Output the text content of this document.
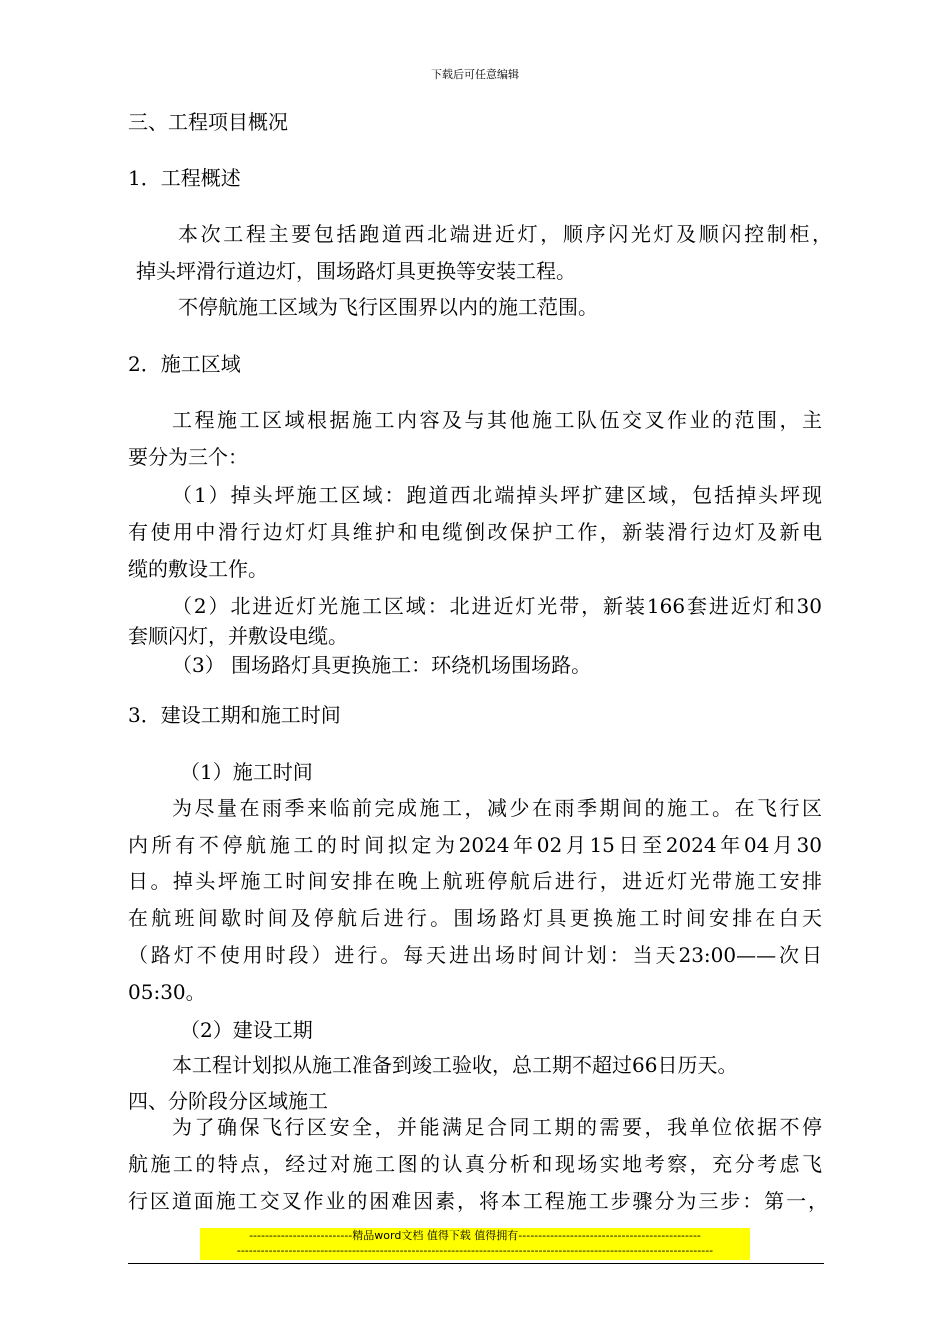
下载后可任意编辑
三、工程项目概况
1．工程概述
本次工程主要包括跑道西北端进近灯，顺序闪光灯及顺闪控制柜，
掉头坪滑行道边灯，围场路灯具更换等安装工程。
不停航施工区域为飞行区围界以内的施工范围。
2．施工区域
工程施工区域根据施工内容及与其他施工队伍交叉作业的范围，主
要分为三个：
（1）掉头坪施工区域：跑道西北端掉头坪扩建区域，包括掉头坪现
有使用中滑行边灯灯具维护和电缆倒改保护工作，新装滑行边灯及新电
缆的敷设工作。
（2）北进近灯光施工区域：北进近灯光带，新装166套进近灯和30
套顺闪灯，并敷设电缆。
（3） 围场路灯具更换施工：环绕机场围场路。
3．建设工期和施工时间
（1）施工时间
为尽量在雨季来临前完成施工，减少在雨季期间的施工。在飞行区
内所有不停航施工的时间拟定为2024年02月15日至2024年04月30
日。掉头坪施工时间安排在晚上航班停航后进行，进近灯光带施工安排
在航班间歇时间及停航后进行。围场路灯具更换施工时间安排在白天
（路灯不使用时段）进行。每天进出场时间计划：当天23:00——次日
05:30。
（2）建设工期
本工程计划拟从施工准备到竣工验收，总工期不超过66日历天。
四、分阶段分区域施工
为了确保飞行区安全，并能满足合同工期的需要，我单位依据不停
航施工的特点，经过对施工图的认真分析和现场实地考察，充分考虑飞
行区道面施工交叉作业的困难因素，将本工程施工步骤分为三步：第一，
--------------------------精品word文档 值得下载 值得拥有----------------------------------------------
------------------------------------------------------------------------------------------------------------------------
